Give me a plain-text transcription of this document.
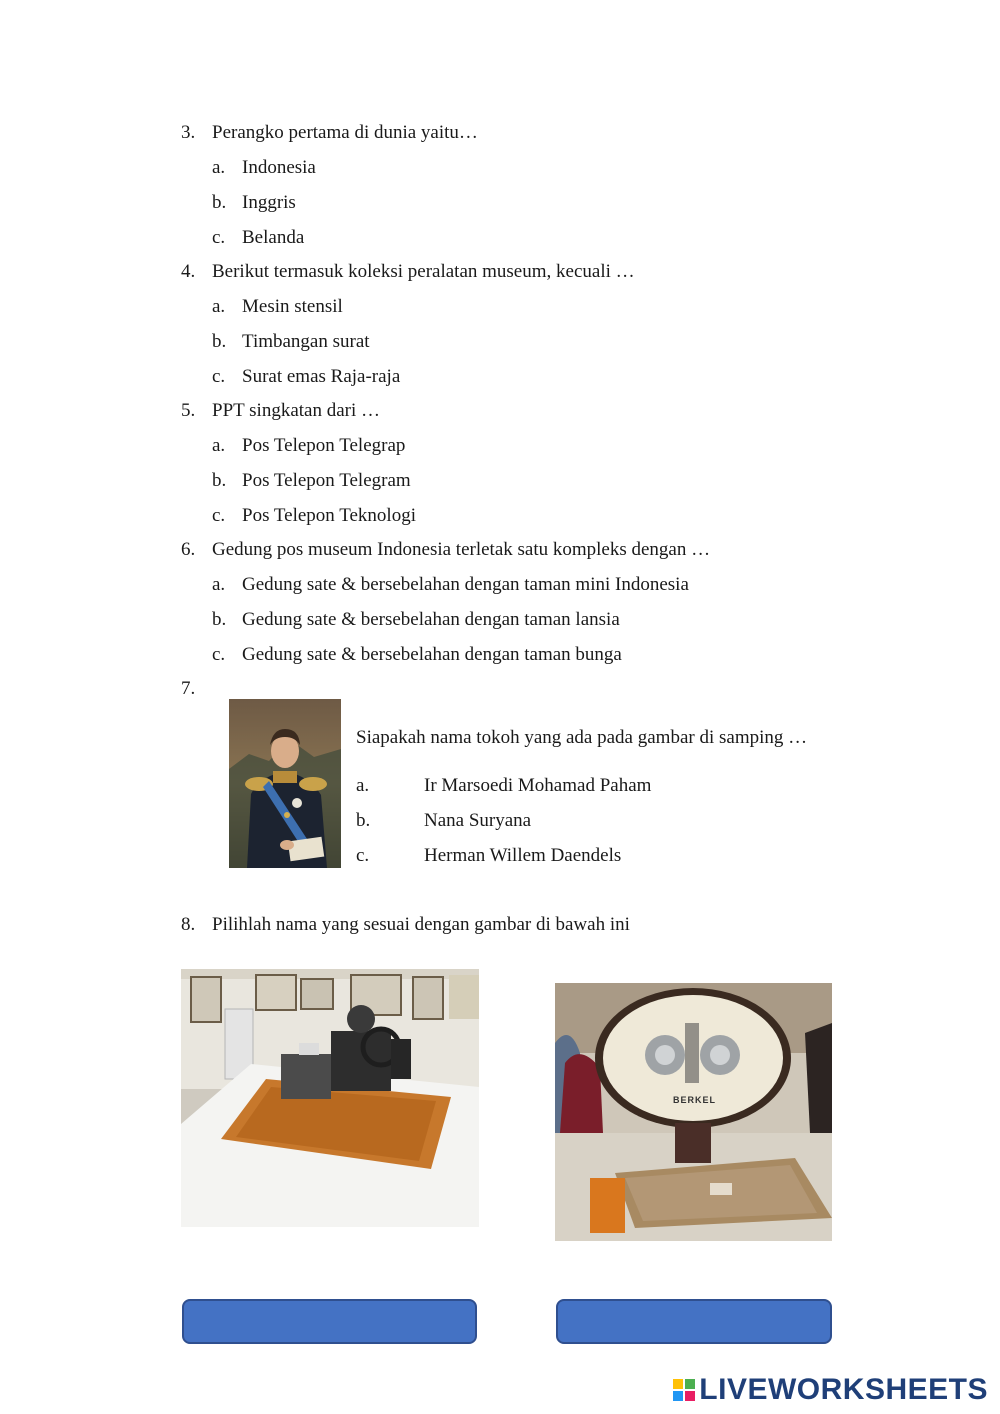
3. Perangko pertama di dunia yaitu…
a. Indonesia
b. Inggris
c. Belanda
4. Berikut termasuk koleksi peralatan museum, kecuali …
a. Mesin stensil
b. Timbangan surat
c. Surat emas Raja-raja
5. PPT singkatan dari …
a. Pos Telepon Telegrap
b. Pos Telepon Telegram
c. Pos Telepon Teknologi
6. Gedung pos museum Indonesia terletak satu kompleks dengan …
a. Gedung sate & bersebelahan dengan taman mini Indonesia
b. Gedung sate & bersebelahan dengan taman lansia
c. Gedung sate & bersebelahan dengan taman bunga
7.
Siapakah nama tokoh yang ada pada gambar di samping …
a.	Ir Marsoedi Mohamad Paham
b.	Nana Suryana
c.	Herman Willem Daendels
8. Pilihlah nama yang sesuai dengan gambar di bawah ini
BERKEL
LIVEWORKSHEETS
